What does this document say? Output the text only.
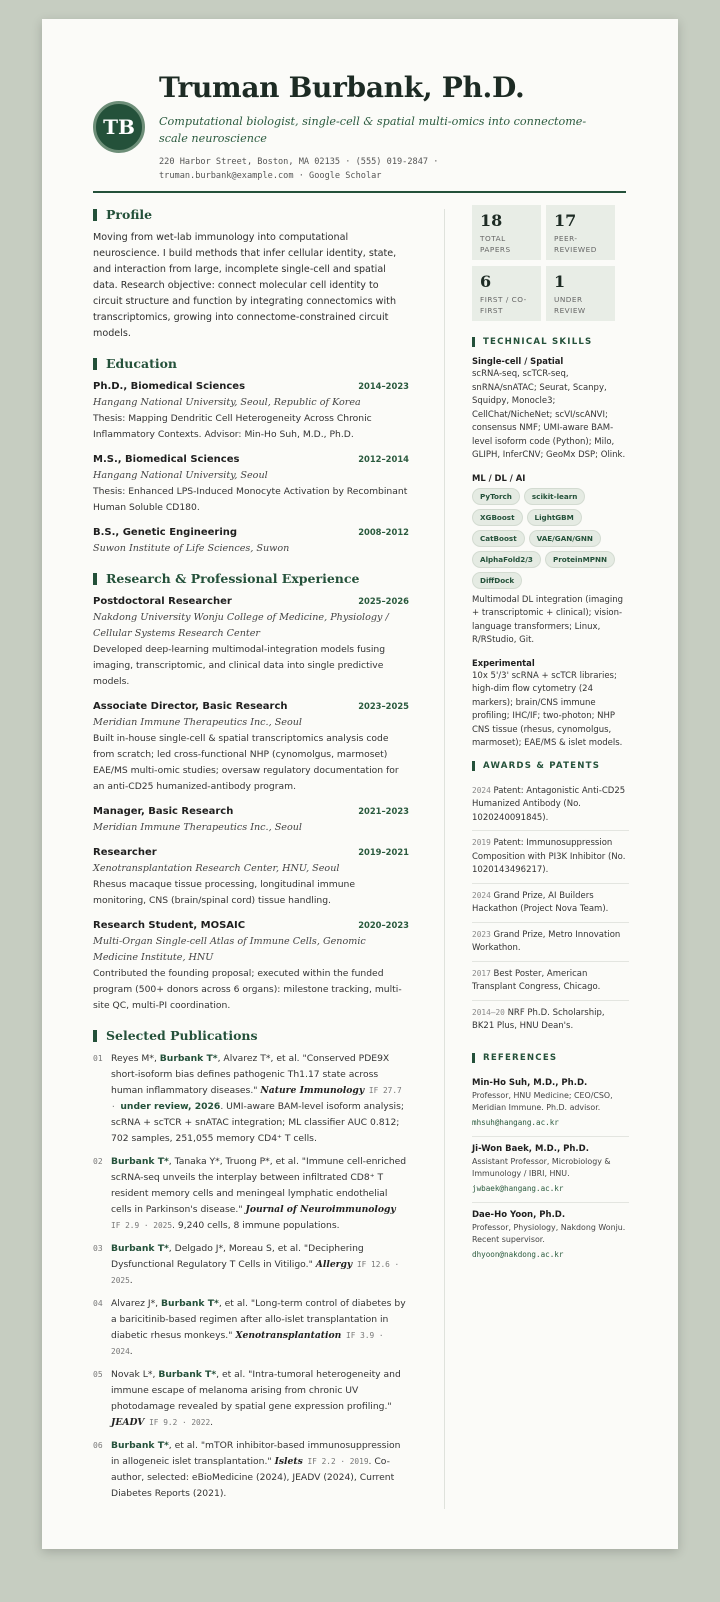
TB
Truman Burbank, Ph.D.
Computational biologist, single-cell & spatial multi-omics into connectome-scale neuroscience
220 Harbor Street, Boston, MA 02135 · (555) 019-2847 · truman.burbank@example.com · Google Scholar
Profile
Moving from wet-lab immunology into computational neuroscience. I build methods that infer cellular identity, state, and interaction from large, incomplete single-cell and spatial data. Research objective: connect molecular cell identity to circuit structure and function by integrating connectomics with transcriptomics, growing into connectome-constrained circuit models.
Education
Ph.D., Biomedical Sciences	2014–2023
Hangang National University, Seoul, Republic of Korea
Thesis: Mapping Dendritic Cell Heterogeneity Across Chronic Inflammatory Contexts. Advisor: Min-Ho Suh, M.D., Ph.D.
M.S., Biomedical Sciences	2012–2014
Hangang National University, Seoul
Thesis: Enhanced LPS-Induced Monocyte Activation by Recombinant Human Soluble CD180.
B.S., Genetic Engineering	2008–2012
Suwon Institute of Life Sciences, Suwon
Research & Professional Experience
Postdoctoral Researcher	2025–2026
Nakdong University Wonju College of Medicine, Physiology / Cellular Systems Research Center
Developed deep-learning multimodal-integration models fusing imaging, transcriptomic, and clinical data into single predictive models.
Associate Director, Basic Research	2023–2025
Meridian Immune Therapeutics Inc., Seoul
Built in-house single-cell & spatial transcriptomics analysis code from scratch; led cross-functional NHP (cynomolgus, marmoset) EAE/MS multi-omic studies; oversaw regulatory documentation for an anti-CD25 humanized-antibody program.
Manager, Basic Research	2021–2023
Meridian Immune Therapeutics Inc., Seoul
Researcher	2019–2021
Xenotransplantation Research Center, HNU, Seoul
Rhesus macaque tissue processing, longitudinal immune monitoring, CNS (brain/spinal cord) tissue handling.
Research Student, MOSAIC	2020–2023
Multi-Organ Single-cell Atlas of Immune Cells, Genomic Medicine Institute, HNU
Contributed the founding proposal; executed within the funded program (500+ donors across 6 organs): milestone tracking, multi-site QC, multi-PI coordination.
Selected Publications
01 Reyes M*, Burbank T*, Alvarez T*, et al. "Conserved PDE9X short-isoform bias defines pathogenic Th1.17 state across human inflammatory diseases." Nature Immunology IF 27.7 · under review, 2026. UMI-aware BAM-level isoform analysis; scRNA + scTCR + snATAC integration; ML classifier AUC 0.812; 702 samples, 251,055 memory CD4⁺ T cells.
02 Burbank T*, Tanaka Y*, Truong P*, et al. "Immune cell-enriched scRNA-seq unveils the interplay between infiltrated CD8⁺ T resident memory cells and meningeal lymphatic endothelial cells in Parkinson's disease." Journal of Neuroimmunology IF 2.9 · 2025. 9,240 cells, 8 immune populations.
03 Burbank T*, Delgado J*, Moreau S, et al. "Deciphering Dysfunctional Regulatory T Cells in Vitiligo." Allergy IF 12.6 · 2025.
04 Alvarez J*, Burbank T*, et al. "Long-term control of diabetes by a baricitinib-based regimen after allo-islet transplantation in diabetic rhesus monkeys." Xenotransplantation IF 3.9 · 2024.
05 Novak L*, Burbank T*, et al. "Intra-tumoral heterogeneity and immune escape of melanoma arising from chronic UV photodamage revealed by spatial gene expression profiling." JEADV IF 9.2 · 2022.
06 Burbank T*, et al. "mTOR inhibitor-based immunosuppression in allogeneic islet transplantation." Islets IF 2.2 · 2019. Co-author, selected: eBioMedicine (2024), JEADV (2024), Current Diabetes Reports (2021).
18
TOTAL PAPERS
17
PEER-REVIEWED
6
FIRST / CO-FIRST
1
UNDER REVIEW
TECHNICAL SKILLS
Single-cell / Spatial
scRNA-seq, scTCR-seq, snRNA/snATAC; Seurat, Scanpy, Squidpy, Monocle3; CellChat/NicheNet; scVI/scANVI; consensus NMF; UMI-aware BAM-level isoform code (Python); Milo, GLIPH, InferCNV; GeoMx DSP; Olink.
ML / DL / AI
PyTorch	scikit-learn
XGBoost	LightGBM
CatBoost	VAE/GAN/GNN
AlphaFold2/3	ProteinMPNN
DiffDock
Multimodal DL integration (imaging + transcriptomic + clinical); vision-language transformers; Linux, R/RStudio, Git.
Experimental
10x 5'/3' scRNA + scTCR libraries; high-dim flow cytometry (24 markers); brain/CNS immune profiling; IHC/IF; two-photon; NHP CNS tissue (rhesus, cynomolgus, marmoset); EAE/MS & islet models.
AWARDS & PATENTS
2024 Patent: Antagonistic Anti-CD25 Humanized Antibody (No. 1020240091845).
2019 Patent: Immunosuppression Composition with PI3K Inhibitor (No. 1020143496217).
2024 Grand Prize, AI Builders Hackathon (Project Nova Team).
2023 Grand Prize, Metro Innovation Workathon.
2017 Best Poster, American Transplant Congress, Chicago.
2014–20 NRF Ph.D. Scholarship, BK21 Plus, HNU Dean's.
REFERENCES
Min-Ho Suh, M.D., Ph.D.
Professor, HNU Medicine; CEO/CSO, Meridian Immune. Ph.D. advisor.
mhsuh@hangang.ac.kr
Ji-Won Baek, M.D., Ph.D.
Assistant Professor, Microbiology & Immunology / IBRI, HNU.
jwbaek@hangang.ac.kr
Dae-Ho Yoon, Ph.D.
Professor, Physiology, Nakdong Wonju. Recent supervisor.
dhyoon@nakdong.ac.kr
